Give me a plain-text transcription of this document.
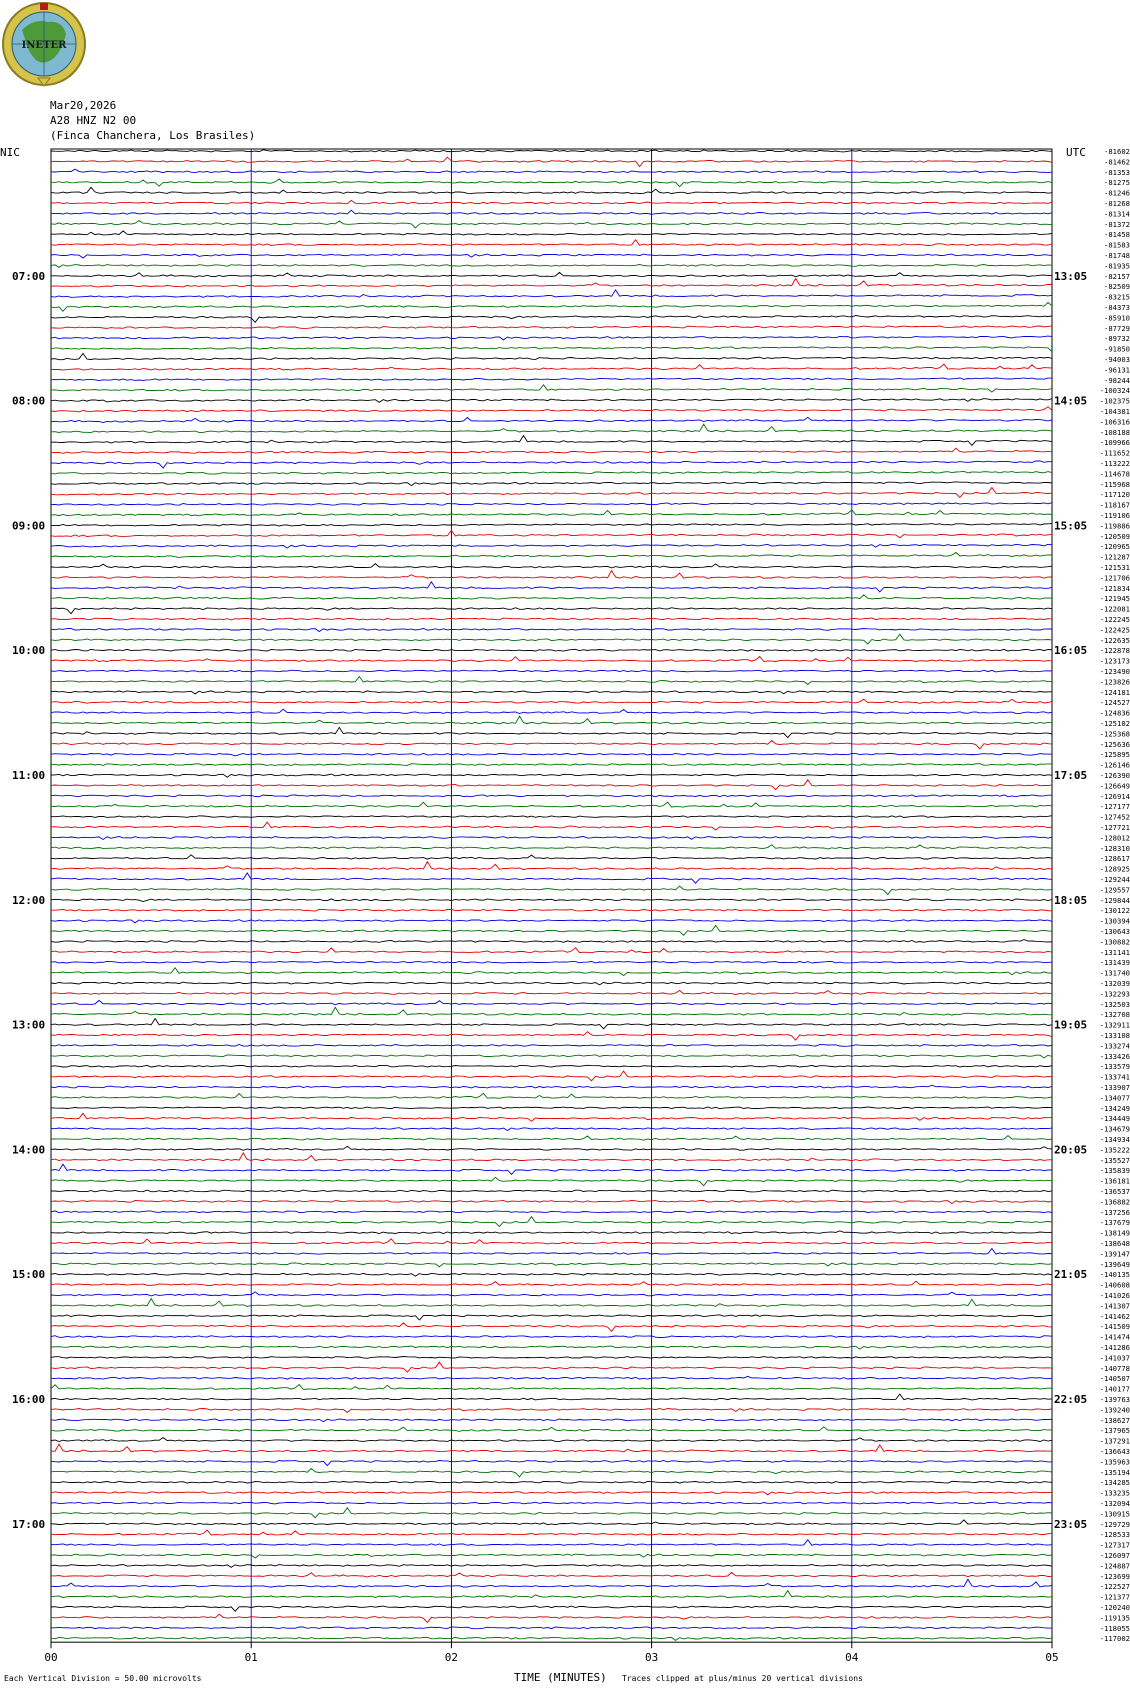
INETER
Mar20,2026
A28 HNZ N2 00
(Finca Chanchera, Los Brasiles)
00	01	02	03	04	05
-81602
-81462
-81353
-81275
-81246
-81268
-81314
-81372
-81458
-81583
-81748
-81935
-82157
-82509
-83215
-84373
-85910
-87729
-89732
-91850
-94003
-96131
-98244
-100324
-102375
-104381
-106316
-108188
-109966
-111652
-113222
-114678
-115968
-117120
-118167
-119106
-119886
-120509
-120965
-121287
-121531
-121706
-121834
-121945
-122081
-122245
-122425
-122635
-122878
-123173
-123490
-123826
-124181
-124527
-124836
-125102
-125368
-125636
-125895
-126146
-126390
-126649
-126914
-127177
-127452
-127721
-128012
-128310
-128617
-128925
-129244
-129557
-129844
-130122
-130394
-130643
-130882
-131141
-131439
-131740
-132039
-132293
-132503
-132708
-132911
-133108
-133274
-133426
-133579
-133741
-133907
-134077
-134249
-134449
-134679
-134934
-135222
-135527
-135839
-136181
-136537
-136882
-137256
-137679
-138149
-138648
-139147
-139649
-140135
-140608
-141026
-141307
-141462
-141509
-141474
-141286
-141037
-140778
-140507
-140177
-139763
-139240
-138627
-137965
-137291
-136643
-135963
-135194
-134285
-133235
-132094
-130915
-129729
-128533
-127317
-126097
-124887
-123699
-122527
-121377
-120240
-119135
-118055
-117002
07:00	13:05
08:00	14:05
09:00	15:05
10:00	16:05
11:00	17:05
12:00	18:05
13:00	19:05
14:00	20:05
15:00	21:05
16:00	22:05
17:00	23:05
NIC	UTC
TIME (MINUTES)
Each Vertical Division = 50.00 microvolts	Traces clipped at plus/minus 20 vertical divisions
